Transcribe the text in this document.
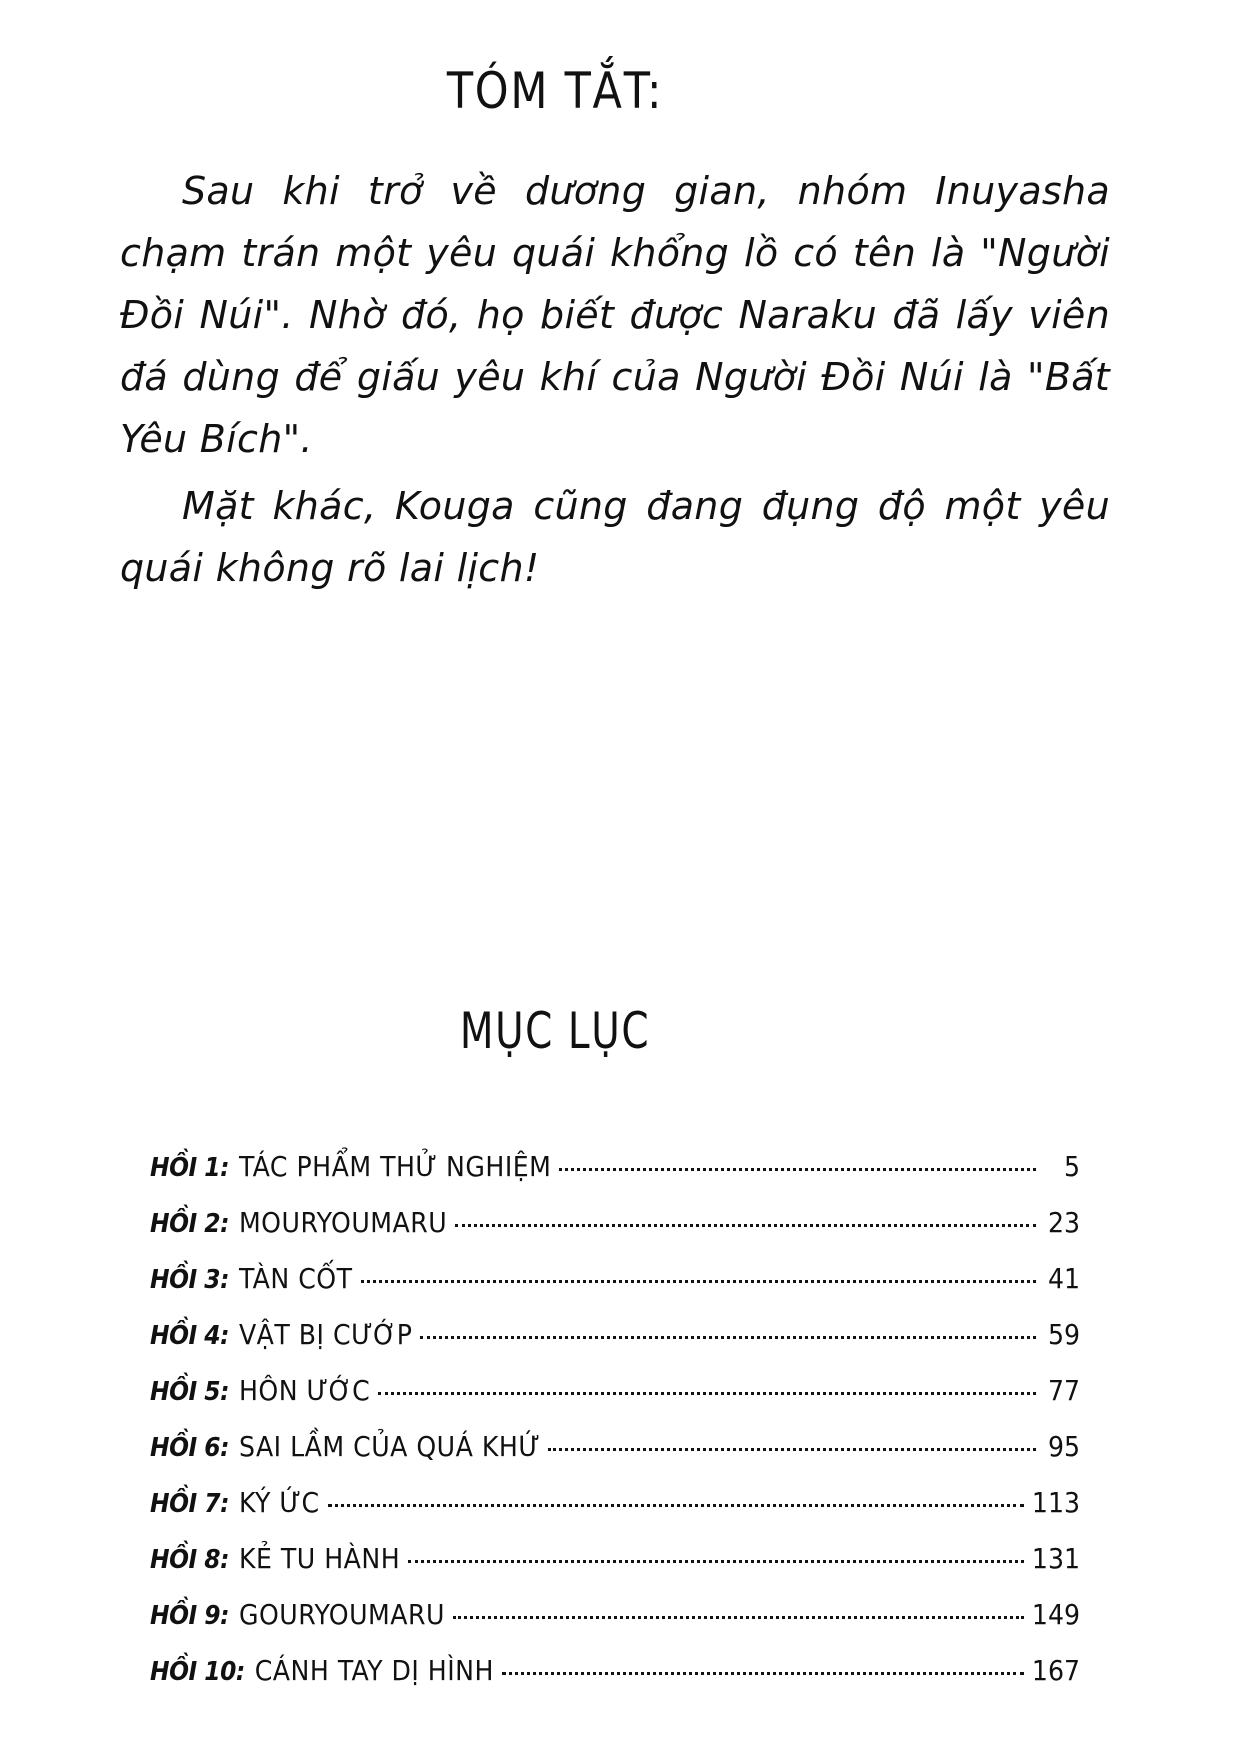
TÓM TẮT:

Sau khi trở về dương gian, nhóm Inuyasha chạm trán một yêu quái khổng lồ có tên là "Người Đồi Núi". Nhờ đó, họ biết được Naraku đã lấy viên đá dùng để giấu yêu khí của Người Đồi Núi là "Bất Yêu Bích".

Mặt khác, Kouga cũng đang đụng độ một yêu quái không rõ lai lịch!

MỤC LỤC
HỒI 1: TÁC PHẨM THỬ NGHIỆM	5
HỒI 2: MOURYOUMARU	23
HỒI 3: TÀN CỐT	41
HỒI 4: VẬT BỊ CƯỚP	59
HỒI 5: HÔN ƯỚC	77
HỒI 6: SAI LẦM CỦA QUÁ KHỨ	95
HỒI 7: KÝ ỨC	113
HỒI 8: KẺ TU HÀNH	131
HỒI 9: GOURYOUMARU	149
HỒI 10: CÁNH TAY DỊ HÌNH	167
